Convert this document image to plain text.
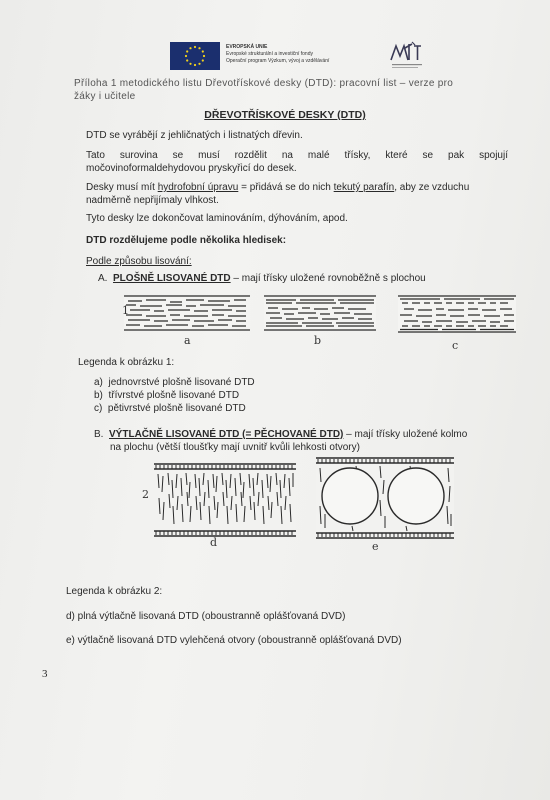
EVROPSKÁ UNIE
Evropské strukturální a investiční fondy
Operační program Výzkum, vývoj a vzdělávání
Příloha 1 metodického listu Dřevotřískové desky (DTD): pracovní list – verze pro
žáky i učitele
DŘEVOTŘÍSKOVÉ DESKY (DTD)
DTD se vyrábějí z jehličnatých i listnatých dřevin.
Tato surovina se musí rozdělit na malé třísky, které se pak spojují
močovinoformaldehydovou pryskyřicí do desek.
Desky musí mít hydrofobní úpravu = přidává se do nich tekutý parafín, aby ze vzduchu
nadměrně nepřijímaly vlhkost.
Tyto desky lze dokončovat laminováním, dýhováním, apod.
DTD rozdělujeme podle několika hledisek:
Podle způsobu lisování:
A. PLOŠNĚ LISOVANÉ DTD – mají třísky uložené rovnoběžně s plochou
1
a	b	c
Legenda k obrázku 1:
a) jednovrstvé plošně lisované DTD
b) třívrstvé plošně lisované DTD
c) pětivrstvé plošně lisované DTD
B. VÝTLAČNĚ LISOVANÉ DTD (= PĚCHOVANÉ DTD) – mají třísky uložené kolmo
na plochu (větší tloušťky mají uvnitř kvůli lehkosti otvory)
2
d	e
Legenda k obrázku 2:
d) plná výtlačně lisovaná DTD (oboustranně oplášťovaná DVD)
e) výtlačně lisovaná DTD vylehčená otvory (oboustranně oplášťovaná DVD)
3
